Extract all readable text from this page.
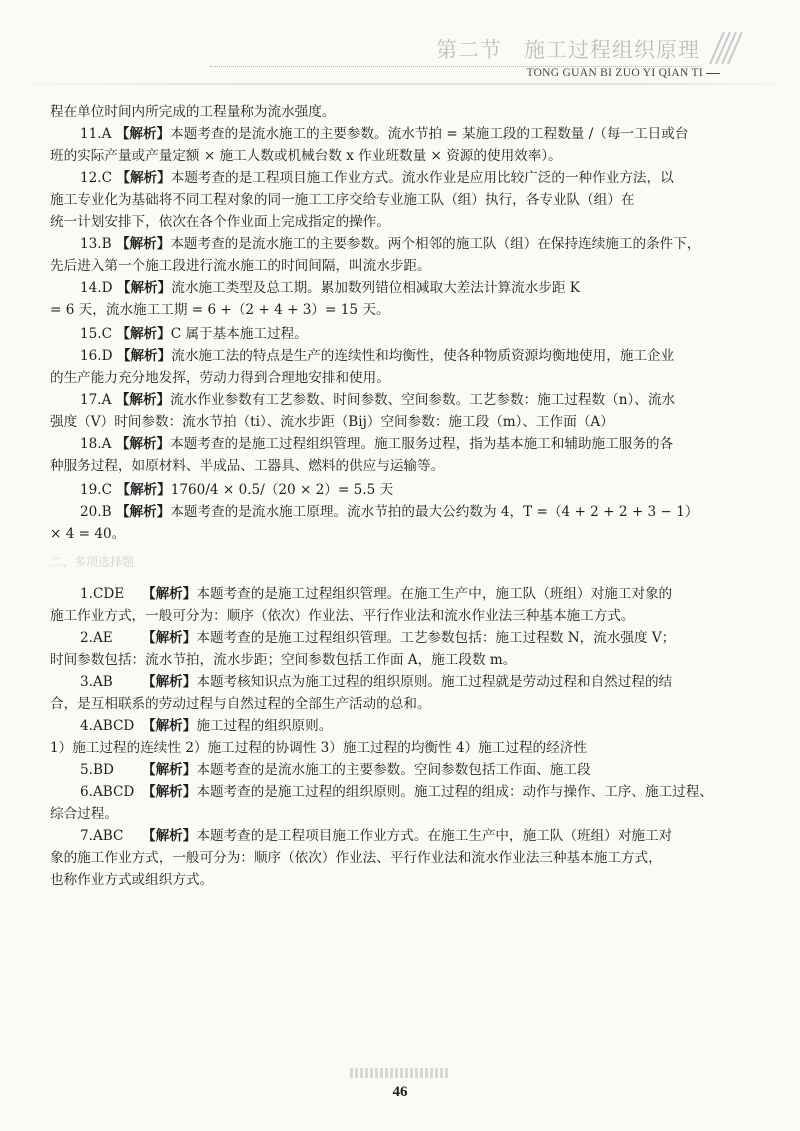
第二节 施工过程组织原理
TONG GUAN BI ZUO YI QIAN TI
程在单位时间内所完成的工程量称为流水强度。
11.A 【解析】本题考查的是流水施工的主要参数。流水节拍 = 某施工段的工程数量 /（每一工日或台
班的实际产量或产量定额 × 施工人数或机械台数 x 作业班数量 × 资源的使用效率）。
12.C 【解析】本题考查的是工程项目施工作业方式。流水作业是应用比较广泛的一种作业方法，以
施工专业化为基础将不同工程对象的同一施工工序交给专业施工队（组）执行，各专业队（组）在
统一计划安排下，依次在各个作业面上完成指定的操作。
13.B 【解析】本题考查的是流水施工的主要参数。两个相邻的施工队（组）在保持连续施工的条件下，
先后进入第一个施工段进行流水施工的时间间隔，叫流水步距。
14.D 【解析】流水施工类型及总工期。累加数列错位相减取大差法计算流水步距 K
= 6 天，流水施工工期 = 6 +（2 + 4 + 3）= 15 天。
15.C 【解析】C 属于基本施工过程。
16.D 【解析】流水施工法的特点是生产的连续性和均衡性，使各种物质资源均衡地使用，施工企业
的生产能力充分地发挥，劳动力得到合理地安排和使用。
17.A 【解析】流水作业参数有工艺参数、时间参数、空间参数。工艺参数：施工过程数（n）、流水
强度（V）时间参数：流水节拍（ti）、流水步距（Bij）空间参数：施工段（m）、工作面（A）
18.A 【解析】本题考查的是施工过程组织管理。施工服务过程，指为基本施工和辅助施工服务的各
种服务过程，如原材料、半成品、工器具、燃料的供应与运输等。
19.C 【解析】1760/4 × 0.5/（20 × 2）= 5.5 天
20.B 【解析】本题考查的是流水施工原理。流水节拍的最大公约数为 4，T =（4 + 2 + 2 + 3 − 1）
× 4 = 40。
1.CDE 【解析】本题考查的是施工过程组织管理。在施工生产中，施工队（班组）对施工对象的
施工作业方式，一般可分为：顺序（依次）作业法、平行作业法和流水作业法三种基本施工方式。
2.AE 【解析】本题考查的是施工过程组织管理。工艺参数包括：施工过程数 N，流水强度 V；
时间参数包括：流水节拍，流水步距；空间参数包括工作面 A，施工段数 m。
3.AB 【解析】本题考核知识点为施工过程的组织原则。施工过程就是劳动过程和自然过程的结
合，是互相联系的劳动过程与自然过程的全部生产活动的总和。
4.ABCD 【解析】施工过程的组织原则。
1）施工过程的连续性 2）施工过程的协调性 3）施工过程的均衡性 4）施工过程的经济性
5.BD 【解析】本题考查的是流水施工的主要参数。空间参数包括工作面、施工段
6.ABCD 【解析】本题考查的是施工过程的组织原则。施工过程的组成：动作与操作、工序、施工过程、
综合过程。
7.ABC 【解析】本题考查的是工程项目施工作业方式。在施工生产中，施工队（班组）对施工对
象的施工作业方式，一般可分为：顺序（依次）作业法、平行作业法和流水作业法三种基本施工方式，
也称作业方式或组织方式。
二、多项选择题
46
